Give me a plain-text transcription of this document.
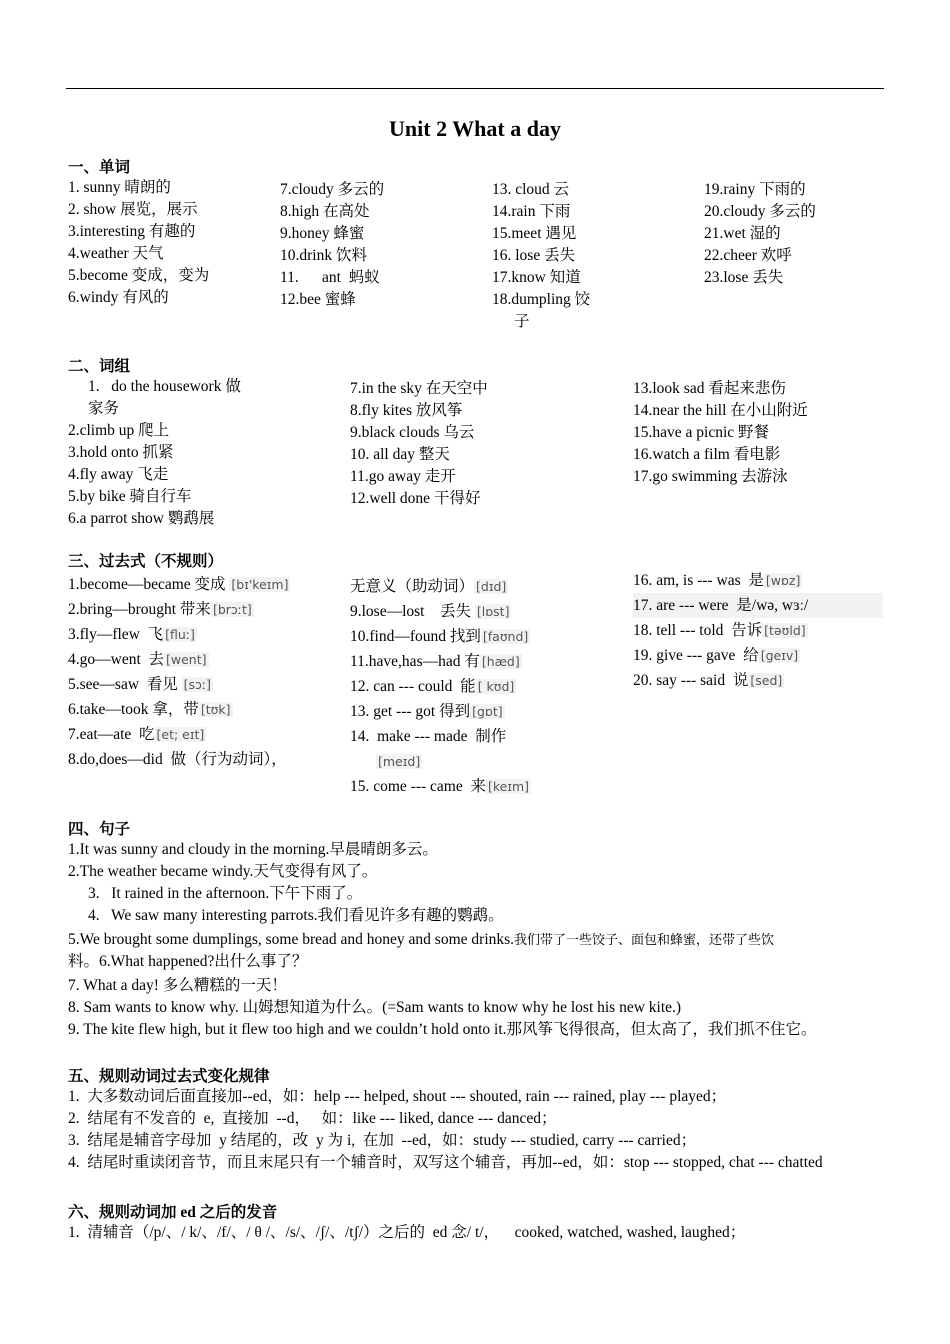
Unit 2 What a day
一、单词
1. sunny 晴朗的
2. show 展览，展示
3.interesting 有趣的
4.weather 天气
5.become 变成，变为
6.windy 有风的
7.cloudy 多云的
8.high 在高处
9.honey 蜂蜜
10.drink 饮料
11.      ant  蚂蚁
12.bee 蜜蜂
13. cloud 云
14.rain 下雨
15.meet 遇见
16. lose 丢失
17.know 知道
18.dumpling 饺
子
19.rainy 下雨的
20.cloudy 多云的
21.wet 湿的
22.cheer 欢呼
23.lose 丢失
二、词组
1.   do the housework 做
家务
2.climb up 爬上
3.hold onto 抓紧
4.fly away 飞走
5.by bike 骑自行车
6.a parrot show 鹦鹉展
7.in the sky 在天空中
8.fly kites 放风筝
9.black clouds 乌云
10. all day 整天
11.go away 走开
12.well done 干得好
13.look sad 看起来悲伤
14.near the hill 在小山附近
15.have a picnic 野餐
16.watch a film 看电影
17.go swimming 去游泳
三、过去式（不规则）
1.become—became 变成 [bɪ'keɪm]
2.bring—brought 带来 [brɔːt]
3.fly—flew  飞 [fluː]
4.go—went  去 [went]
5.see—saw  看见 [sɔː]
6.take—took 拿，带 [tʊk]
7.eat—ate  吃 [et; eɪt]
8.do,does—did  做（行为动词），
无意义（助动词） [dɪd]
9.lose—lost    丢失 [lɒst]
10.find—found 找到 [faʊnd]
11.have,has—had 有 [hæd]
12. can --- could  能 [ kʊd]
13. get --- got 得到 [gɒt]
14.  make --- made  制作
[meɪd]
15. come --- came  来 [keɪm]
16. am, is --- was  是 [wɒz]
17. are --- were  是/wə, wɜː/
18. tell --- told  告诉 [təʊld]
19. give --- gave  给 [geɪv]
20. say --- said  说 [sed]
四、句子
1.It was sunny and cloudy in the morning.早晨晴朗多云。
2.The weather became windy.天气变得有风了。
3.   It rained in the afternoon.下午下雨了。
4.   We saw many interesting parrots.我们看见许多有趣的鹦鹉。
5.We brought some dumplings, some bread and honey and some drinks.我们带了一些饺子、面包和蜂蜜，还带了些饮
料。6.What happened?出什么事了？
7. What a day! 多么糟糕的一天！
8. Sam wants to know why. 山姆想知道为什么。(=Sam wants to know why he lost his new kite.)
9. The kite flew high, but it flew too high and we couldn’t hold onto it.那风筝飞得很高，但太高了，我们抓不住它。
五、规则动词过去式变化规律
1.  大多数动词后面直接加--ed，如：help --- helped, shout --- shouted, rain --- rained, play --- played；
2.  结尾有不发音的  e,  直接加  --d，   如：like --- liked, dance --- danced；
3.  结尾是辅音字母加  y 结尾的，改  y 为 i,  在加  --ed，如：study --- studied, carry --- carried；
4.  结尾时重读闭音节，而且末尾只有一个辅音时，双写这个辅音，再加--ed，如：stop --- stopped, chat --- chatted
六、规则动词加 ed 之后的发音
1.  清辅音（/p/、/ k/、/f/、/ θ /、/s/、/ʃ/、/tʃ/）之后的  ed 念/ t/，    cooked, watched, washed, laughed；
